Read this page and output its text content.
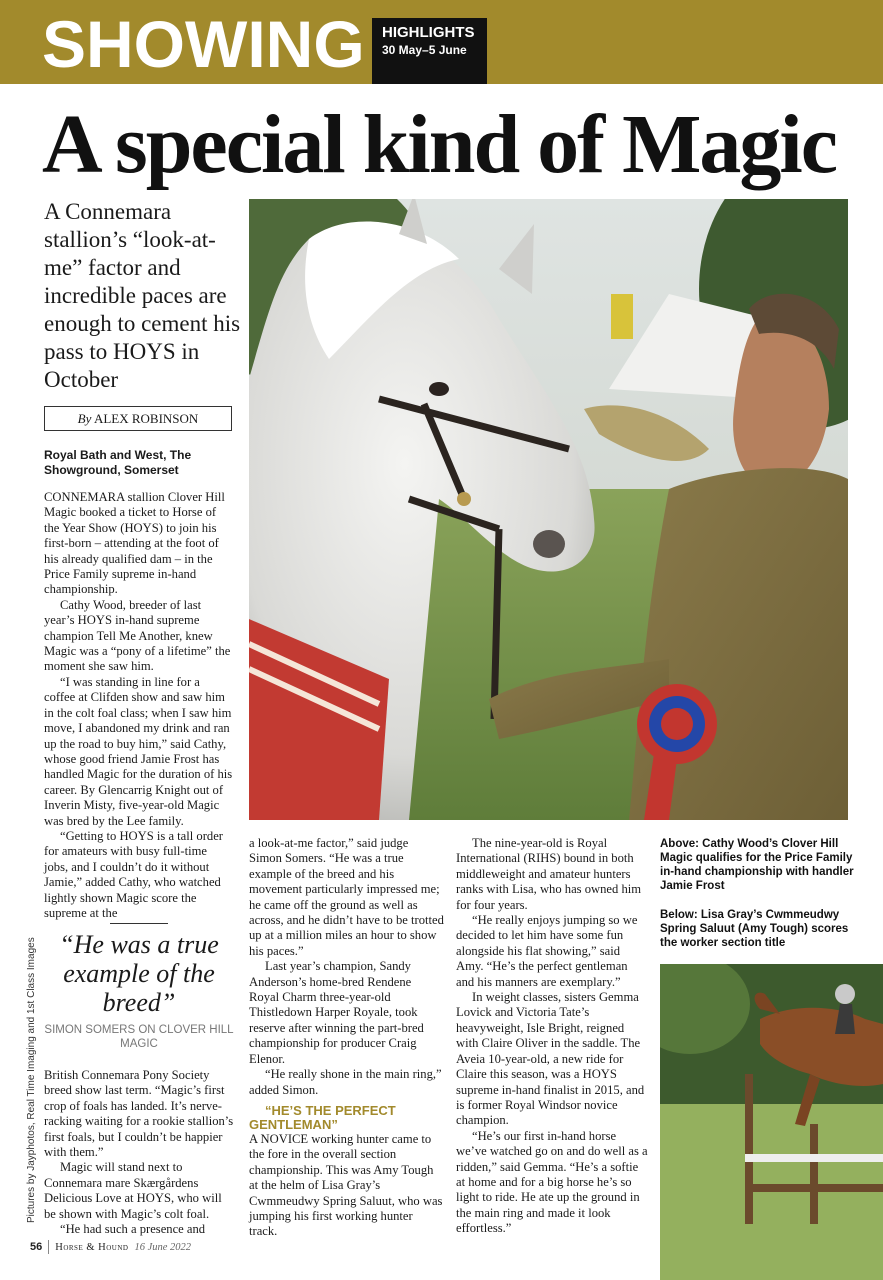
SHOWING HIGHLIGHTS
30 May–5 June
A special kind of Magic
A Connemara stallion’s “look-at-me” factor and incredible paces are enough to cement his pass to HOYS in October
By ALEX ROBINSON
Royal Bath and West, The Showground, Somerset

CONNEMARA stallion Clover Hill Magic booked a ticket to Horse of the Year Show (HOYS) to join his first-born – attending at the foot of his already qualified dam – in the Price Family supreme in-hand championship.

Cathy Wood, breeder of last year’s HOYS in-hand supreme champion Tell Me Another, knew Magic was a “pony of a lifetime” the moment she saw him.

“I was standing in line for a coffee at Clifden show and saw him in the colt foal class; when I saw him move, I abandoned my drink and ran up the road to buy him,” said Cathy, whose good friend Jamie Frost has handled Magic for the duration of his career. By Glencarrig Knight out of Inverin Misty, five-year-old Magic was bred by the Lee family.

“Getting to HOYS is a tall order for amateurs with busy full-time jobs, and I couldn’t do it without Jamie,” added Cathy, who watched lightly shown Magic score the supreme at the

“He was a true example of the breed”
SIMON SOMERS ON CLOVER HILL MAGIC

British Connemara Pony Society breed show last term. “Magic’s first crop of foals has landed. It’s nerve-racking waiting for a rookie stallion’s first foals, but I couldn’t be happier with them.”

Magic will stand next to Connemara mare Skærgårdens Delicious Love at HOYS, who will be shown with Magic’s colt foal.

“He had such a presence and

a look-at-me factor,” said judge Simon Somers. “He was a true example of the breed and his movement particularly impressed me; he came off the ground as well as across, and he didn’t have to be trotted up at a million miles an hour to show his paces.”

Last year’s champion, Sandy Anderson’s home-bred Rendene Royal Charm three-year-old Thistledown Harper Royale, took reserve after winning the part-bred championship for producer Craig Elenor.

“He really shone in the main ring,” added Simon.

“HE’S THE PERFECT GENTLEMAN”

A NOVICE working hunter came to the fore in the overall section championship. This was Amy Tough at the helm of Lisa Gray’s Cwmmeudwy Spring Saluut, who was jumping his first working hunter track.

The nine-year-old is Royal International (RIHS) bound in both middleweight and amateur hunters ranks with Lisa, who has owned him for four years.

“He really enjoys jumping so we decided to let him have some fun alongside his flat showing,” said Amy. “He’s the perfect gentleman and his manners are exemplary.”

In weight classes, sisters Gemma Lovick and Victoria Tate’s heavyweight, Isle Bright, reigned with Claire Oliver in the saddle. The Aveia 10-year-old, a new ride for Claire this season, was a HOYS supreme in-hand finalist in 2015, and is former Royal Windsor novice champion.

“He’s our first in-hand horse we’ve watched go on and do well as a ridden,” said Gemma. “He’s a softie at home and for a big horse he’s so light to ride. He ate up the ground in the main ring and made it look effortless.”

Above: Cathy Wood’s Clover Hill Magic qualifies for the Price Family in-hand championship with handler Jamie Frost
Below: Lisa Gray’s Cwmmeudwy Spring Saluut (Amy Tough) scores the worker section title
Pictures by Jayphotos, Real Time Imaging and 1st Class Images
56 Horse & Hound 16 June 2022
